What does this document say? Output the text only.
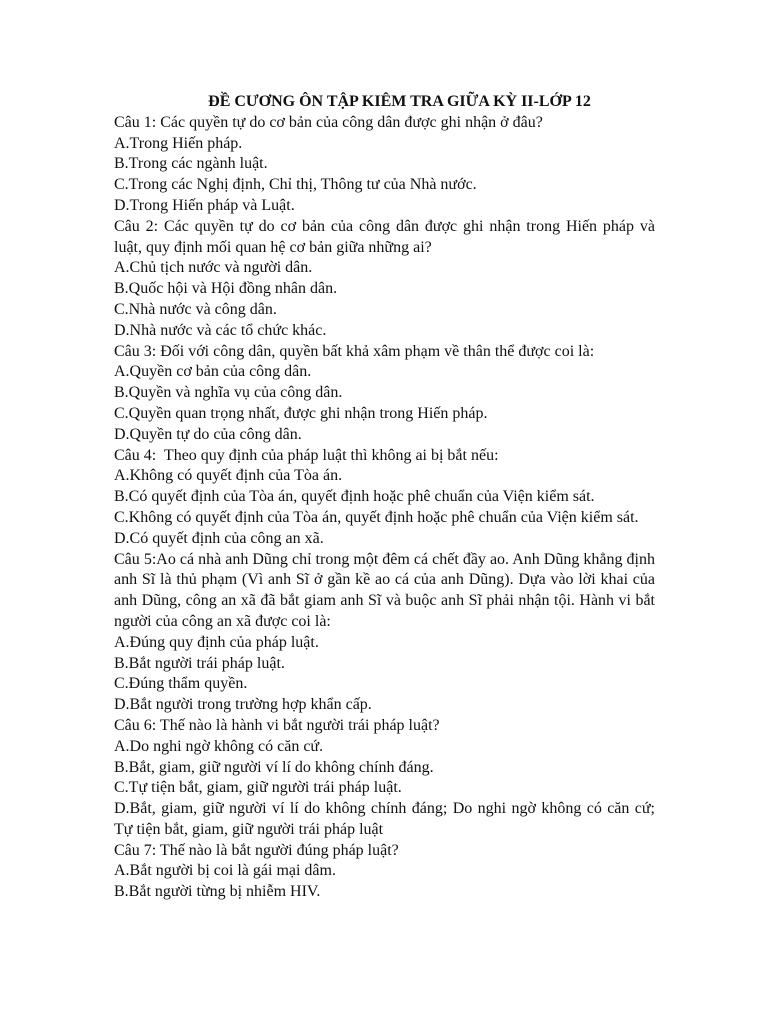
ĐỀ CƯƠNG ÔN TẬP KIÊM TRA GIỮA KỲ II-LỚP 12

Câu 1: Các quyền tự do cơ bản của công dân được ghi nhận ở đâu?

A.Trong Hiến pháp.

B.Trong các ngành luật.

C.Trong các Nghị định, Chỉ thị, Thông tư của Nhà nước.

D.Trong Hiến pháp và Luật.

Câu 2: Các quyền tự do cơ bản của công dân được ghi nhận trong Hiến pháp và luật, quy định mối quan hệ cơ bản giữa những ai?

A.Chủ tịch nước và người dân.

B.Quốc hội và Hội đồng nhân dân.

C.Nhà nước và công dân.

D.Nhà nước và các tổ chức khác.

Câu 3: Đối với công dân, quyền bất khả xâm phạm về thân thể được coi là:

A.Quyền cơ bản của công dân.

B.Quyền và nghĩa vụ của công dân.

C.Quyền quan trọng nhất, được ghi nhận trong Hiến pháp.

D.Quyền tự do của công dân.

Câu 4:  Theo quy định của pháp luật thì không ai bị bắt nếu:

A.Không có quyết định của Tòa án.

B.Có quyết định của Tòa án, quyết định hoặc phê chuẩn của Viện kiểm sát.

C.Không có quyết định của Tòa án, quyết định hoặc phê chuẩn của Viện kiểm sát.

D.Có quyết định của công an xã.

Câu 5:Ao cá nhà anh Dũng chỉ trong một đêm cá chết đầy ao. Anh Dũng khẳng định anh Sĩ là thủ phạm (Vì anh Sĩ ở gần kề ao cá của anh Dũng). Dựa vào lời khai của anh Dũng, công an xã đã bắt giam anh Sĩ và buộc anh Sĩ phải nhận tội. Hành vi bắt người của công an xã được coi là:

A.Đúng quy định của pháp luật.

B.Bắt người trái pháp luật.

C.Đúng thẩm quyền.

D.Bắt người trong trường hợp khẩn cấp.

Câu 6: Thế nào là hành vi bắt người trái pháp luật?

A.Do nghi ngờ không có căn cứ.

B.Bắt, giam, giữ người ví lí do không chính đáng.

C.Tự tiện bắt, giam, giữ người trái pháp luật.

D.Bắt, giam, giữ người ví lí do không chính đáng; Do nghi ngờ không có căn cứ; Tự tiện bắt, giam, giữ người trái pháp luật

Câu 7: Thế nào là bắt người đúng pháp luật?

A.Bắt người bị coi là gái mại dâm.

B.Bắt người từng bị nhiễm HIV.
